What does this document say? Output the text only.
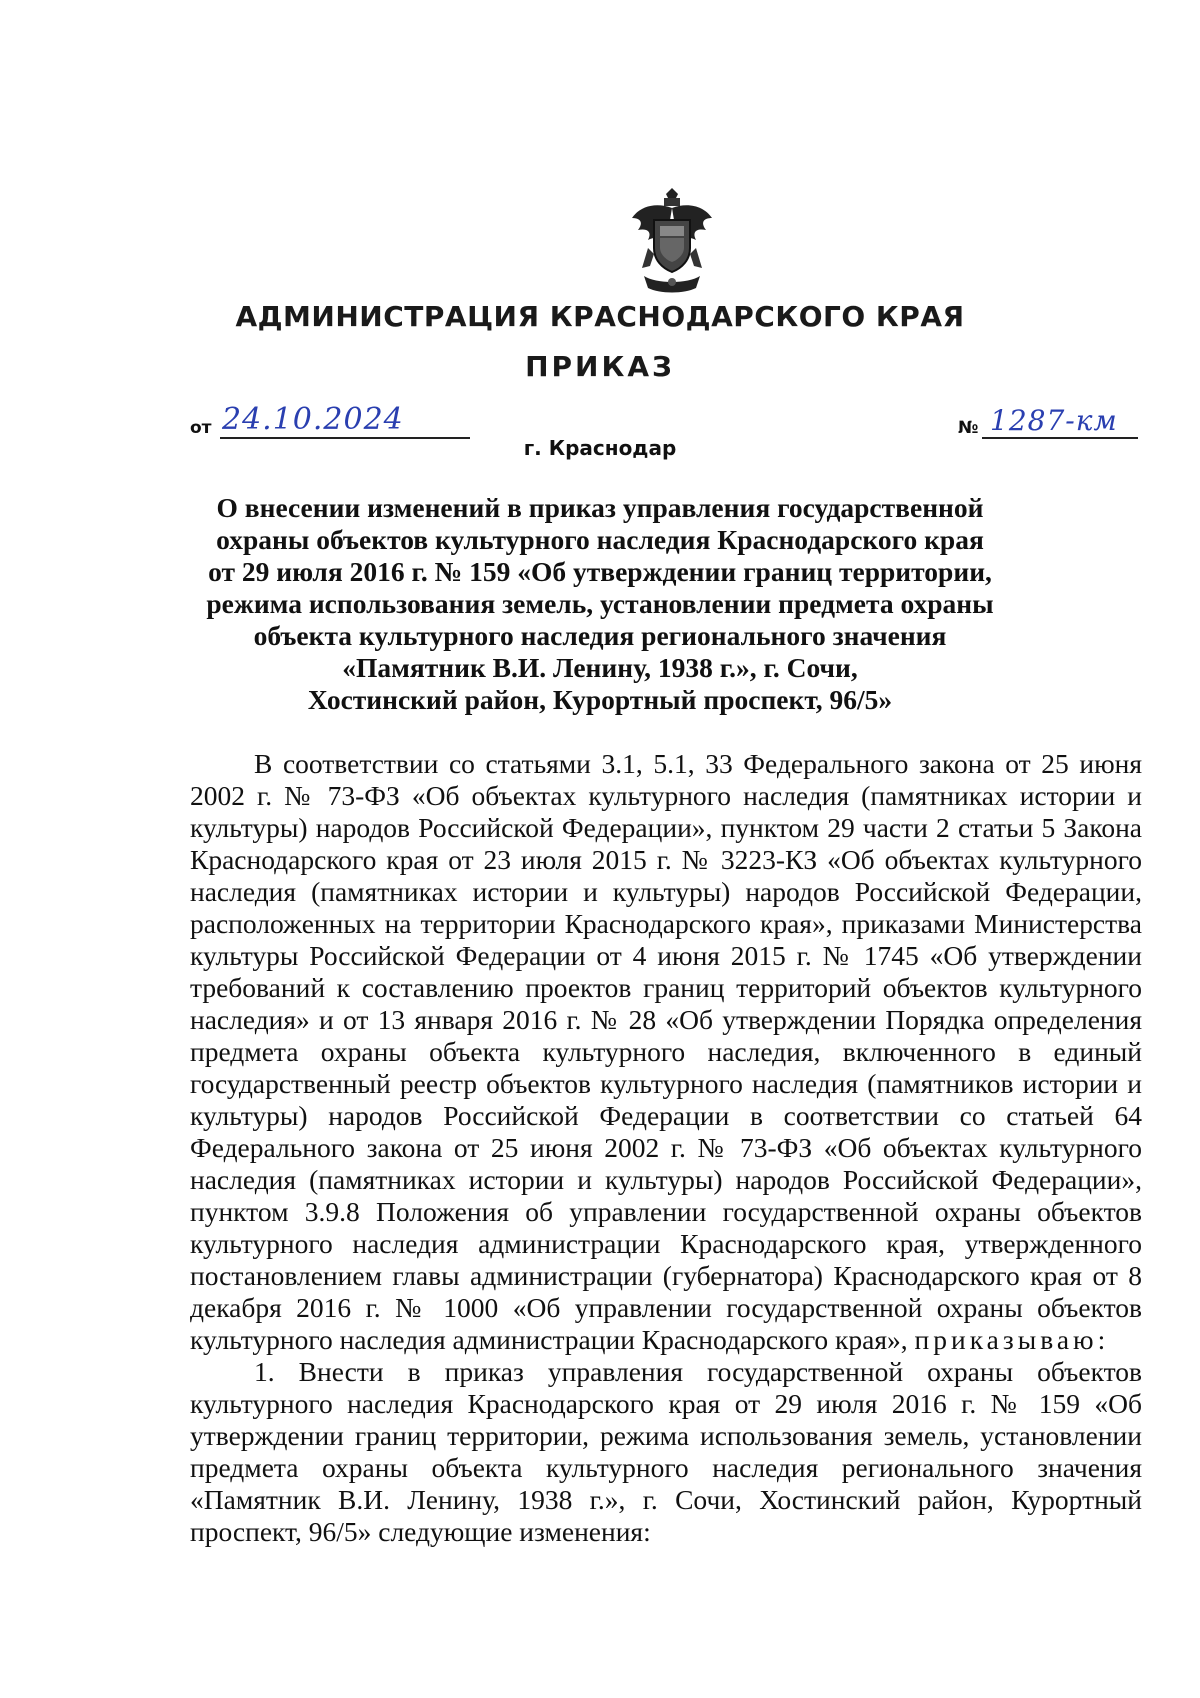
АДМИНИСТРАЦИЯ КРАСНОДАРСКОГО КРАЯ
ПРИКАЗ
от 24.10.2024	№ 1287-км
г. Краснодар
О внесении изменений в приказ управления государственной
охраны объектов культурного наследия Краснодарского края
от 29 июля 2016 г. № 159 «Об утверждении границ территории,
режима использования земель, установлении предмета охраны
объекта культурного наследия регионального значения
«Памятник В.И. Ленину, 1938 г.», г. Сочи,
Хостинский район, Курортный проспект, 96/5»

В соответствии со статьями 3.1, 5.1, 33 Федерального закона от 25 июня 2002 г. № 73-ФЗ «Об объектах культурного наследия (памятниках истории и культуры) народов Российской Федерации», пунктом 29 части 2 статьи 5 Закона Краснодарского края от 23 июля 2015 г. № 3223-КЗ «Об объектах культурного наследия (памятниках истории и культуры) народов Российской Федерации, расположенных на территории Краснодарского края», приказами Министерства культуры Российской Федерации от 4 июня 2015 г. № 1745 «Об утверждении требований к составлению проектов границ территорий объектов культурного наследия» и от 13 января 2016 г. № 28 «Об утверждении Порядка определения предмета охраны объекта культурного наследия, включенного в единый государственный реестр объектов культурного наследия (памятников истории и культуры) народов Российской Федерации в соответствии со статьей 64 Федерального закона от 25 июня 2002 г. № 73-ФЗ «Об объектах культурного наследия (памятниках истории и культуры) народов Российской Федерации», пунктом 3.9.8 Положения об управлении государственной охраны объектов культурного наследия администрации Краснодарского края, утвержденного постановлением главы администрации (губернатора) Краснодарского края от 8 декабря 2016 г. № 1000 «Об управлении государственной охраны объектов культурного наследия администрации Краснодарского края», приказываю:

1. Внести в приказ управления государственной охраны объектов культурного наследия Краснодарского края от 29 июля 2016 г. № 159 «Об утверждении границ территории, режима использования земель, установлении предмета охраны объекта культурного наследия регионального значения «Памятник В.И. Ленину, 1938 г.», г. Сочи, Хостинский район, Курортный проспект, 96/5» следующие изменения:
